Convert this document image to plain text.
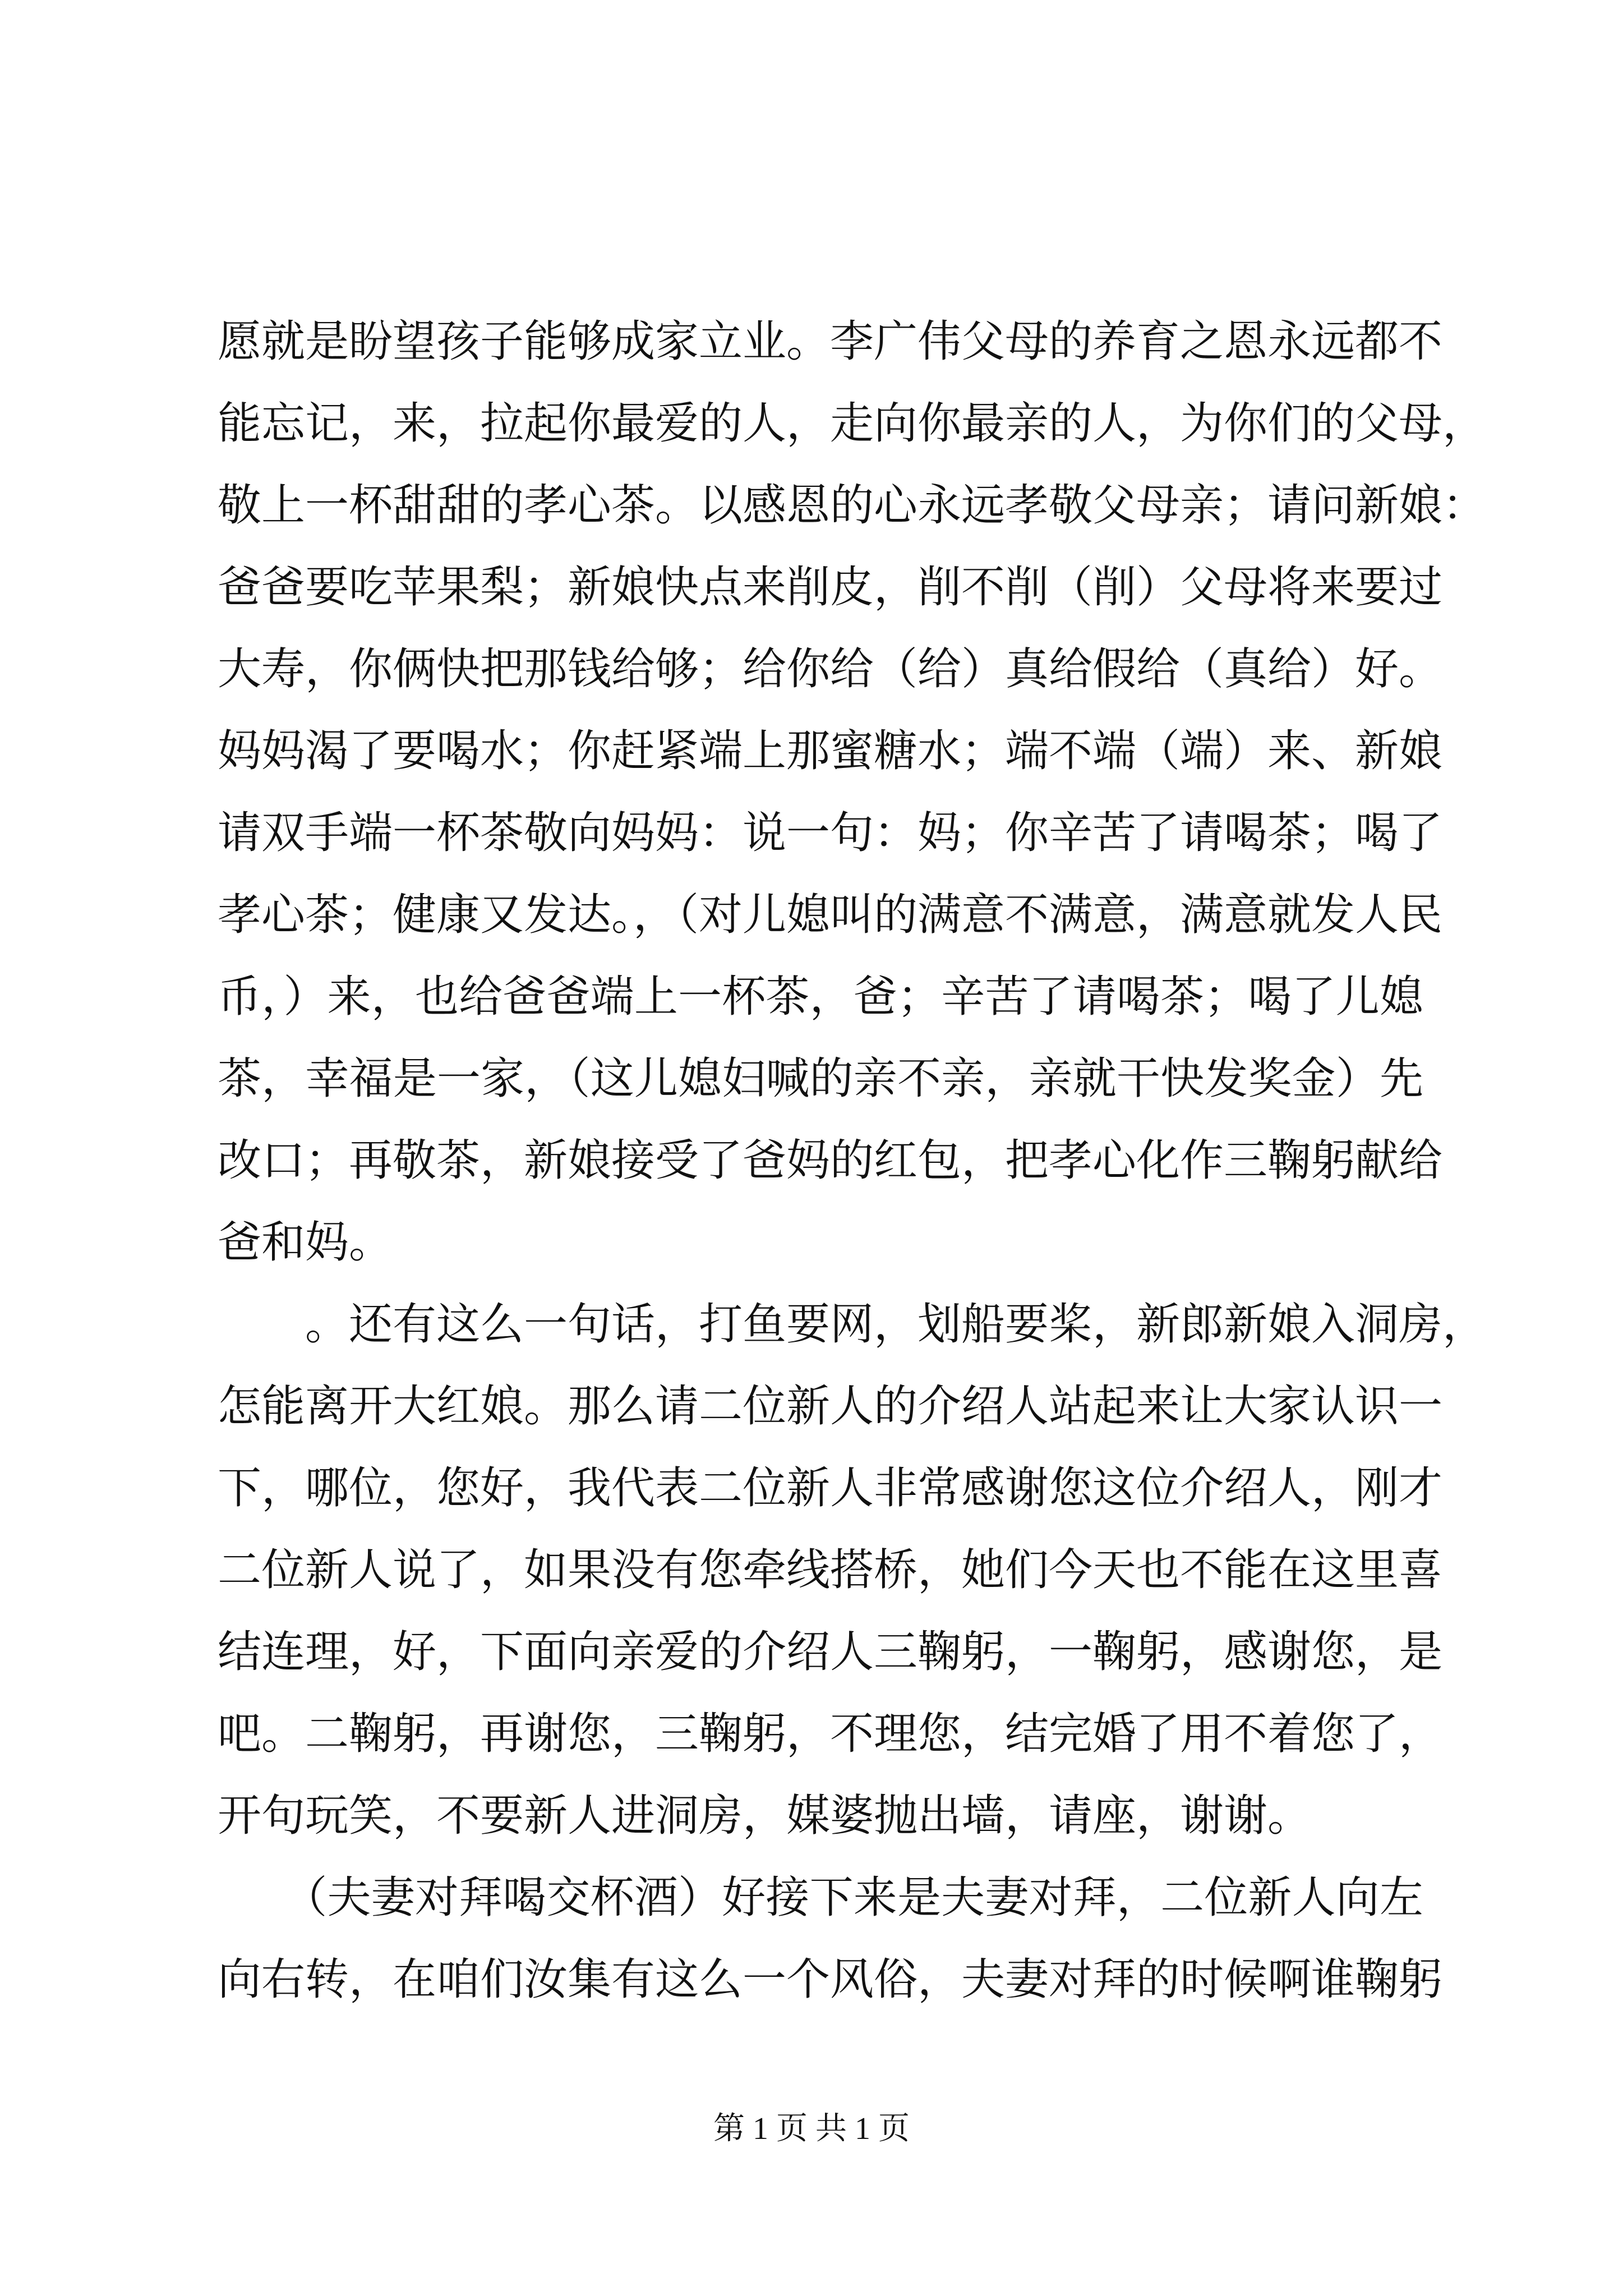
愿就是盼望孩子能够成家立业。李广伟父母的养育之恩永远都不
能忘记，来，拉起你最爱的人，走向你最亲的人，为你们的父母，
敬上一杯甜甜的孝心茶。以感恩的心永远孝敬父母亲；请问新娘：
爸爸要吃苹果梨；新娘快点来削皮，削不削（削）父母将来要过
大寿，你俩快把那钱给够；给你给（给）真给假给（真给）好。
妈妈渴了要喝水；你赶紧端上那蜜糖水；端不端（端）来、新娘
请双手端一杯茶敬向妈妈：说一句：妈；你辛苦了请喝茶；喝了
孝心茶；健康又发达。，（对儿媳叫的满意不满意，满意就发人民
币，）来，也给爸爸端上一杯茶，爸；辛苦了请喝茶；喝了儿媳
茶，幸福是一家，（这儿媳妇喊的亲不亲，亲就干快发奖金）先
改口；再敬茶，新娘接受了爸妈的红包，把孝心化作三鞠躬献给
爸和妈。
　　。还有这么一句话，打鱼要网，划船要桨，新郎新娘入洞房，
怎能离开大红娘。那么请二位新人的介绍人站起来让大家认识一
下，哪位，您好，我代表二位新人非常感谢您这位介绍人，刚才
二位新人说了，如果没有您牵线搭桥，她们今天也不能在这里喜
结连理，好，下面向亲爱的介绍人三鞠躬，一鞠躬，感谢您，是
吧。二鞠躬，再谢您，三鞠躬，不理您，结完婚了用不着您了，
开句玩笑，不要新人进洞房，媒婆抛出墙，请座，谢谢。
　　（夫妻对拜喝交杯酒）好接下来是夫妻对拜，二位新人向左
向右转，在咱们汝集有这么一个风俗，夫妻对拜的时候啊谁鞠躬
第 1 页 共 1 页
